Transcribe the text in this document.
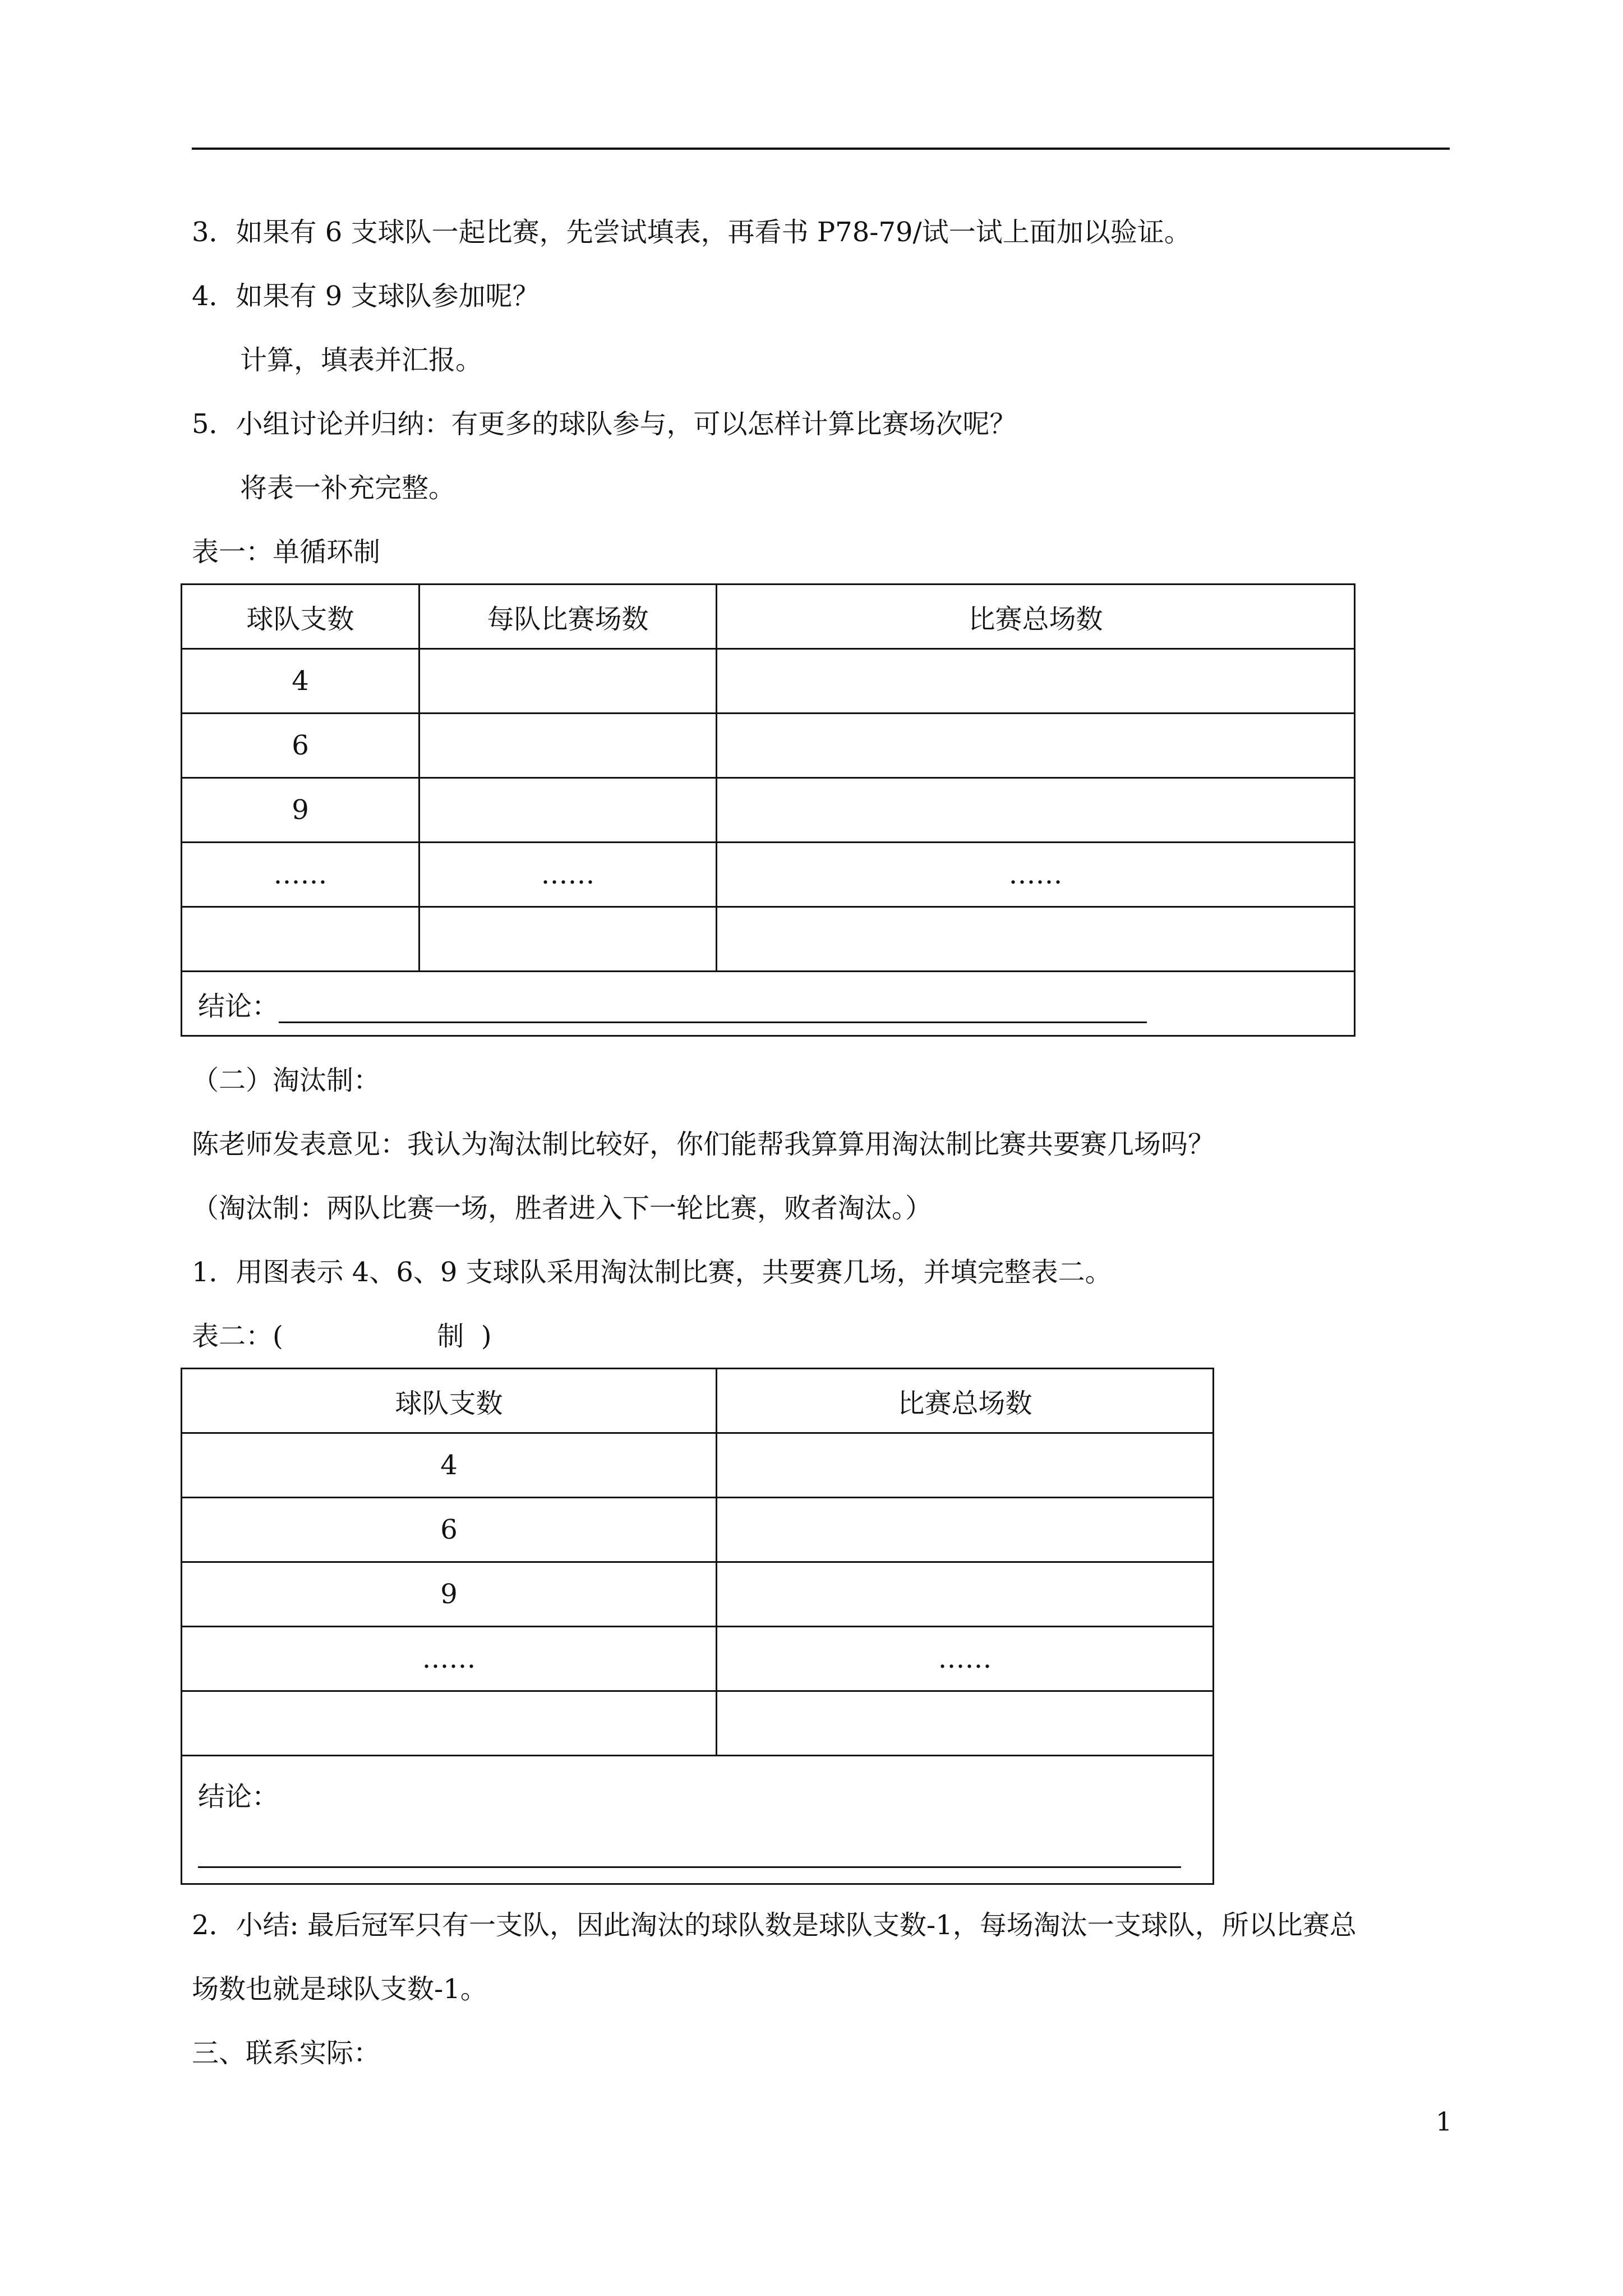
3．如果有 6 支球队一起比赛，先尝试填表，再看书 P78-79/试一试上面加以验证。
4．如果有 9 支球队参加呢？
计算，填表并汇报。
5．小组讨论并归纳：有更多的球队参与，可以怎样计算比赛场次呢？
将表一补充完整。
表一：单循环制
球队支数	每队比赛场数	比赛总场数
4		
6		
9		
……	……	……

结论：		
（二）淘汰制：
陈老师发表意见：我认为淘汰制比较好，你们能帮我算算用淘汰制比赛共要赛几场吗？
（淘汰制：两队比赛一场，胜者进入下一轮比赛，败者淘汰。）
1．用图表示 4、6、9 支球队采用淘汰制比赛，共要赛几场，并填完整表二。
表二：(                  制  )
球队支数	比赛总场数
4	
6	
9	
……	……

结论：	
2．小结: 最后冠军只有一支队，因此淘汰的球队数是球队支数-1，每场淘汰一支球队，所以比赛总
场数也就是球队支数-1。
三、联系实际：
1
